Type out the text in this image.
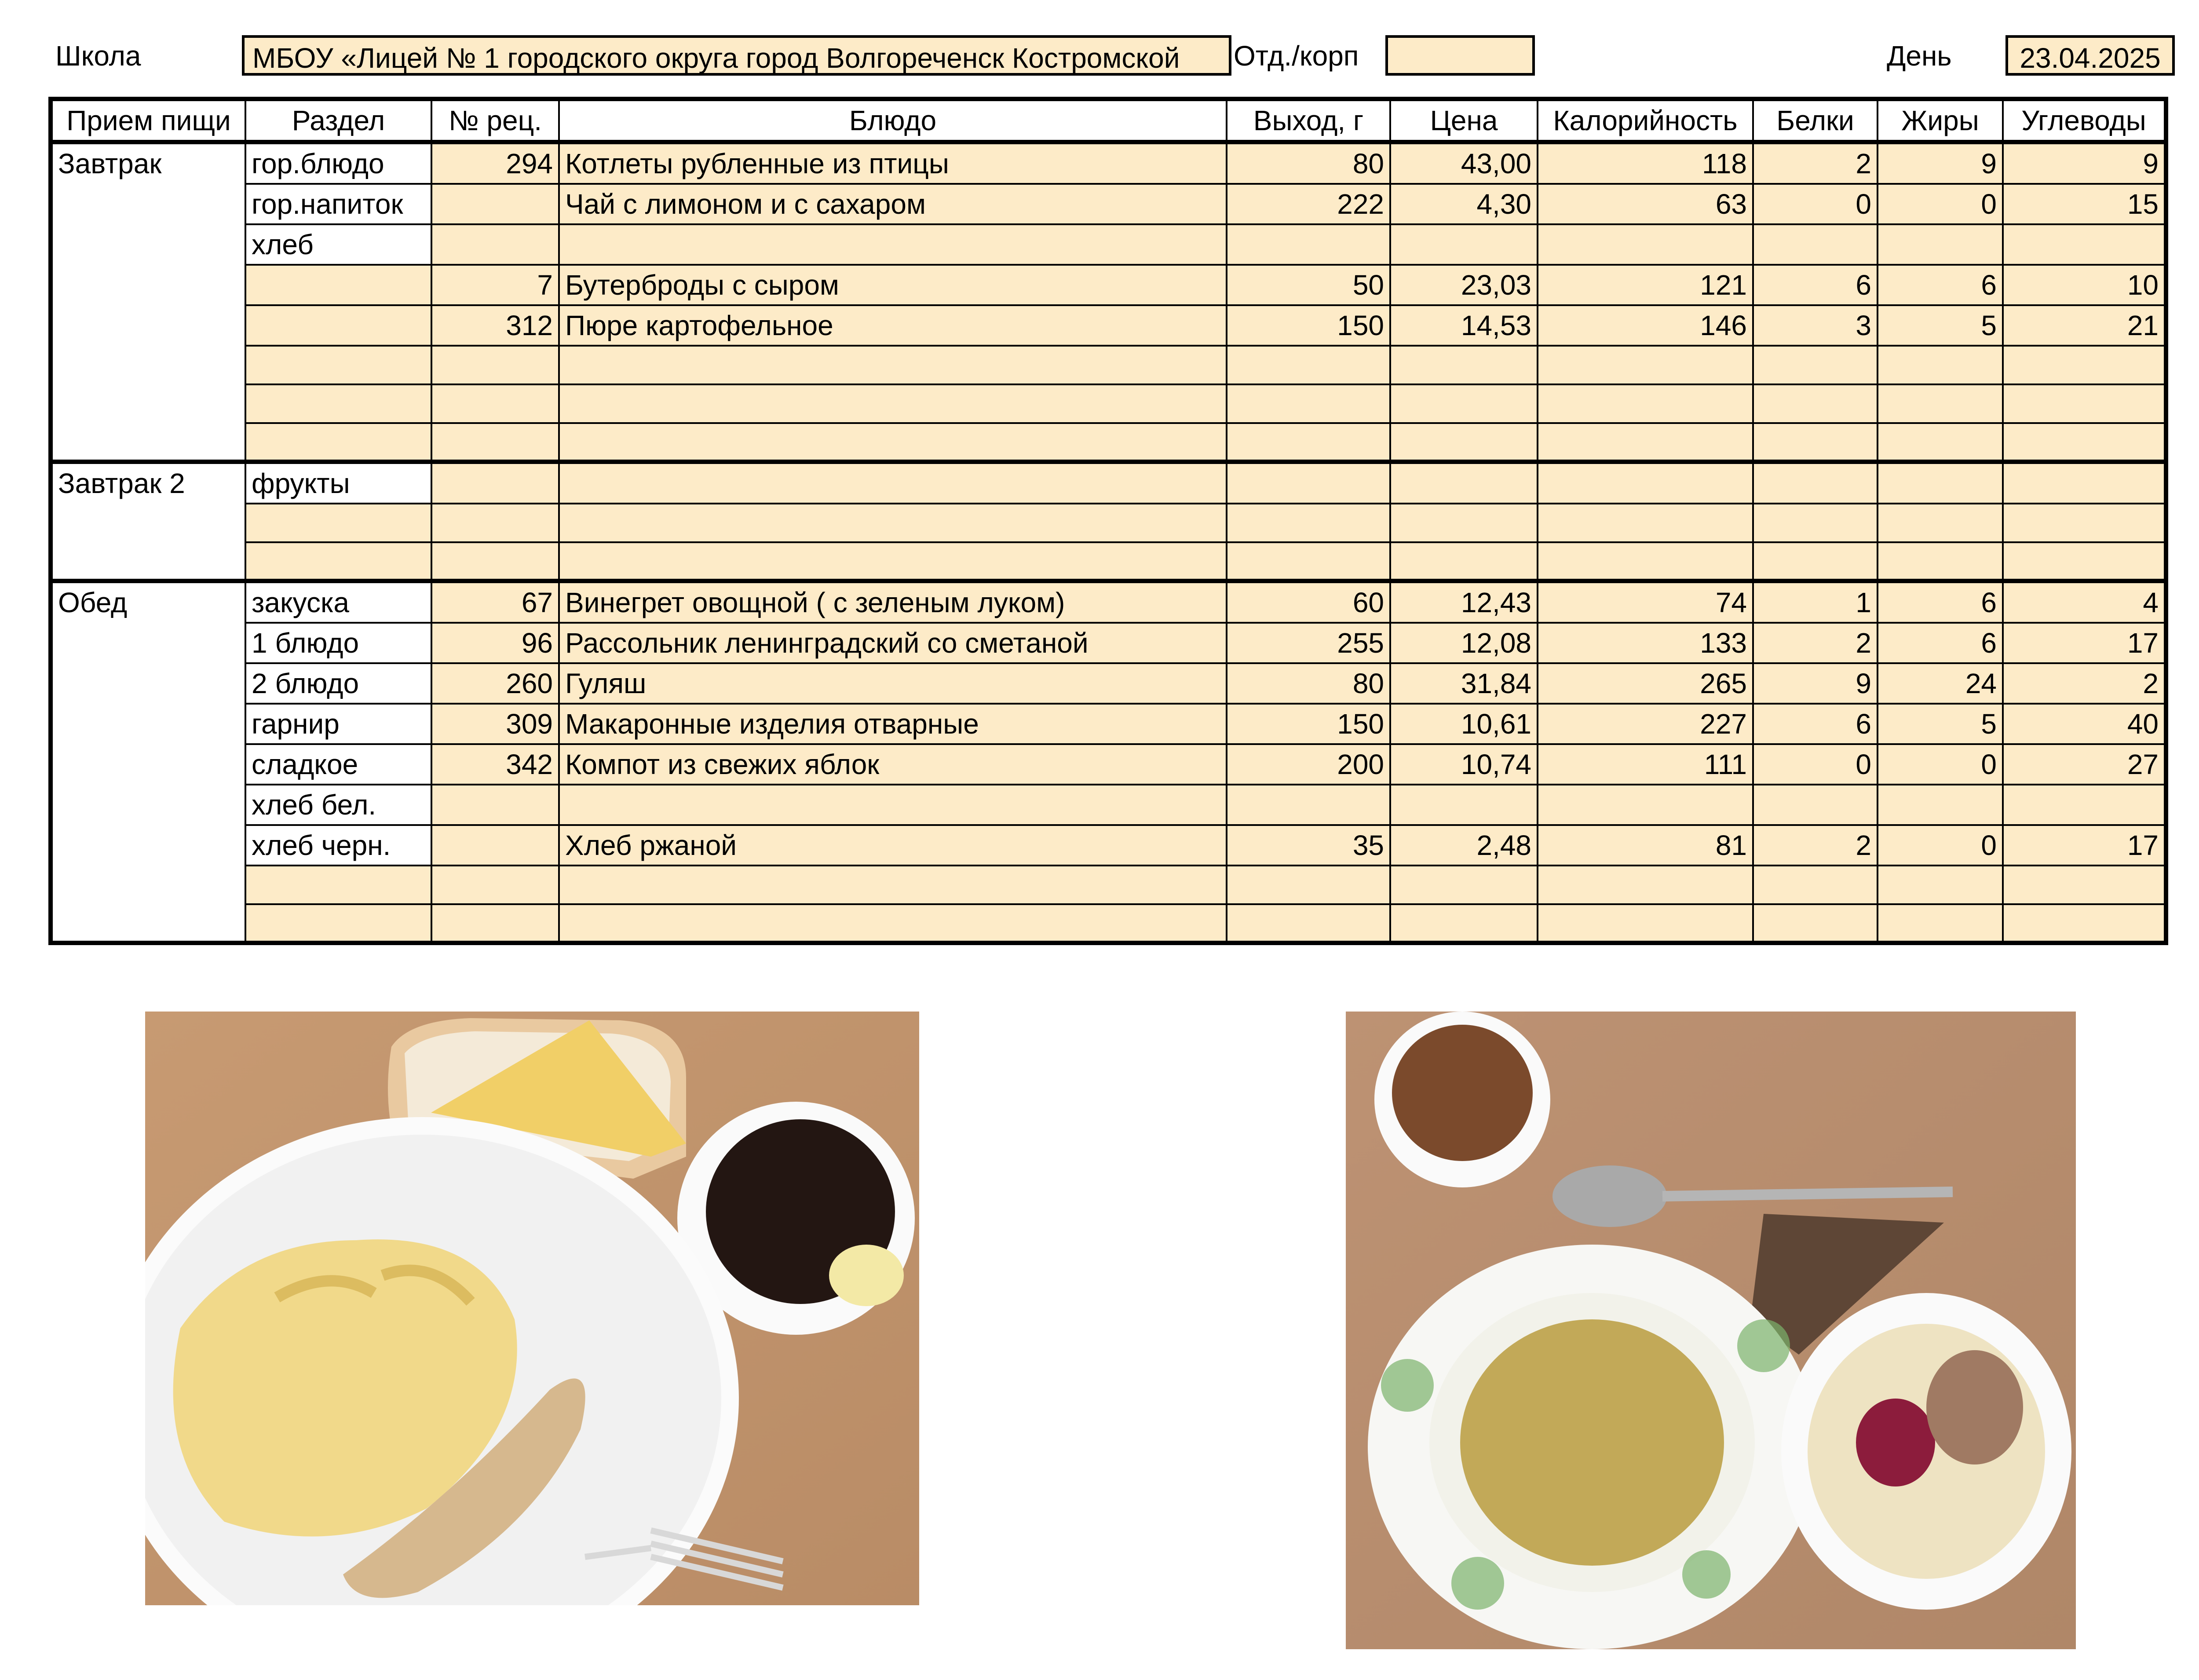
Школа	МБОУ «Лицей № 1 городского округа город Волгореченск Костромской	Отд./корп	День	23.04.2025
Прием пищи	Раздел	№ рец.	Блюдо	Выход, г	Цена	Калорийность	Белки	Жиры	Углеводы
Завтрак	гор.блюдо	294	Котлеты рубленные из птицы	80	43,00	118	2	9	9
	гор.напиток		Чай с лимоном и с сахаром	222	4,30	63	0	0	15
	хлеб								
		7	Бутерброды с сыром	50	23,03	121	6	6	10
		312	Пюре картофельное	150	14,53	146	3	5	21

Завтрак 2	фрукты								

Обед	закуска	67	Винегрет овощной ( с зеленым луком)	60	12,43	74	1	6	4
	1 блюдо	96	Рассольник ленинградский со сметаной	255	12,08	133	2	6	17
	2 блюдо	260	Гуляш	80	31,84	265	9	24	2
	гарнир	309	Макаронные изделия отварные	150	10,61	227	6	5	40
	сладкое	342	Компот из свежих яблок	200	10,74	111	0	0	27
	хлеб бел.								
	хлеб черн.		Хлеб ржаной	35	2,48	81	2	0	17
